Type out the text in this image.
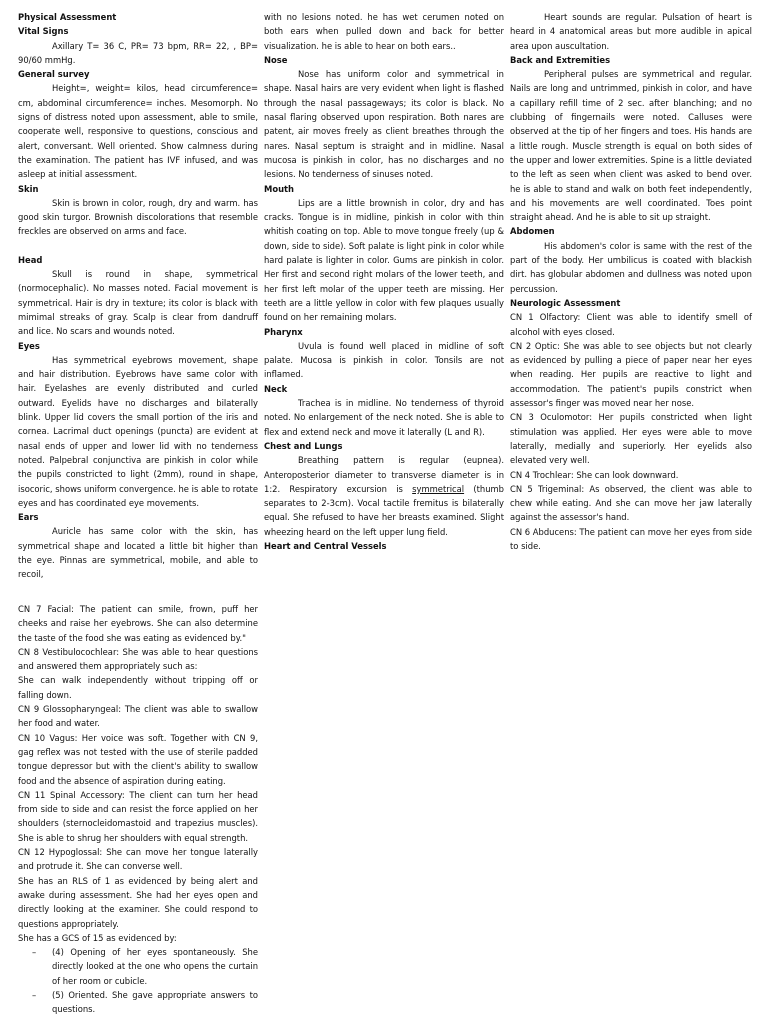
Physical Assessment

Vital Signs

Axillary T= 36 C, PR= 73 bpm, RR= 22, , BP= 90/60 mmHg.

General survey

Height=, weight= kilos, head circumference= cm, abdominal circumference= inches. Mesomorph. No signs of distress noted upon assessment, able to smile, cooperate well, responsive to questions, conscious and alert, conversant. Well oriented. Show calmness during the examination. The patient has IVF infused, and was asleep at initial assessment.

Skin

Skin is brown in color, rough, dry and warm. has good skin turgor. Brownish discolorations that resemble freckles are observed on arms and face.

Head

Skull is round in shape, symmetrical (normocephalic). No masses noted. Facial movement is symmetrical. Hair is dry in texture; its color is black with mimimal streaks of gray. Scalp is clear from dandruff and lice. No scars and wounds noted.

Eyes

Has symmetrical eyebrows movement, shape and hair distribution. Eyebrows have same color with hair. Eyelashes are evenly distributed and curled outward. Eyelids have no discharges and bilaterally blink. Upper lid covers the small portion of the iris and cornea. Lacrimal duct openings (puncta) are evident at nasal ends of upper and lower lid with no tenderness noted. Palpebral conjunctiva are pinkish in color while the pupils constricted to light (2mm), round in shape, isocoric, shows uniform convergence. he is able to rotate eyes and has coordinated eye movements.

Ears

Auricle has same color with the skin, has symmetrical shape and located a little bit higher than the eye. Pinnas are symmetrical, mobile, and able to recoil,

with no lesions noted. he has wet cerumen noted on both ears when pulled down and back for better visualization. he is able to hear on both ears..

Nose

Nose has uniform color and symmetrical in shape. Nasal hairs are very evident when light is flashed through the nasal passageways; its color is black. No nasal flaring observed upon respiration. Both nares are patent, air moves freely as client breathes through the nares. Nasal septum is straight and in midline. Nasal mucosa is pinkish in color, has no discharges and no lesions. No tenderness of sinuses noted.

Mouth

Lips are a little brownish in color, dry and has cracks. Tongue is in midline, pinkish in color with thin whitish coating on top. Able to move tongue freely (up & down, side to side). Soft palate is light pink in color while hard palate is lighter in color. Gums are pinkish in color. Her first and second right molars of the lower teeth, and her first left molar of the upper teeth are missing. Her teeth are a little yellow in color with few plaques usually found on her remaining molars.

Pharynx

Uvula is found well placed in midline of soft palate. Mucosa is pinkish in color. Tonsils are not inflamed.

Neck

Trachea is in midline. No tenderness of thyroid noted. No enlargement of the neck noted. She is able to flex and extend neck and move it laterally (L and R).

Chest and Lungs

Breathing pattern is regular (eupnea). Anteroposterior diameter to transverse diameter is in 1:2. Respiratory excursion is symmetrical (thumb separates to 2-3cm). Vocal tactile fremitus is bilaterally equal. She refused to have her breasts examined. Slight wheezing heard on the left upper lung field.

Heart and Central Vessels

Heart sounds are regular. Pulsation of heart is heard in 4 anatomical areas but more audible in apical area upon auscultation.

Back and Extremities

Peripheral pulses are symmetrical and regular. Nails are long and untrimmed, pinkish in color, and have a capillary refill time of 2 sec. after blanching; and no clubbing of fingernails were noted. Calluses were observed at the tip of her fingers and toes. His hands are a little rough. Muscle strength is equal on both sides of the upper and lower extremities. Spine is a little deviated to the left as seen when client was asked to bend over. he is able to stand and walk on both feet independently, and his movements are well coordinated. Toes point straight ahead. And he is able to sit up straight.

Abdomen

His abdomen's color is same with the rest of the part of the body. Her umbilicus is coated with blackish dirt. has globular abdomen and dullness was noted upon percussion.

Neurologic Assessment

CN 1 Olfactory: Client was able to identify smell of alcohol with eyes closed.

CN 2 Optic: She was able to see objects but not clearly as evidenced by pulling a piece of paper near her eyes when reading. Her pupils are reactive to light and accommodation. The patient's pupils constrict when assessor's finger was moved near her nose.

CN 3 Oculomotor: Her pupils constricted when light stimulation was applied. Her eyes were able to move laterally, medially and superiorly. Her eyelids also elevated very well.

CN 4 Trochlear: She can look downward.

CN 5 Trigeminal: As observed, the client was able to chew while eating. And she can move her jaw laterally against the assessor's hand.

CN 6 Abducens: The patient can move her eyes from side to side.

CN 7 Facial: The patient can smile, frown, puff her cheeks and raise her eyebrows. She can also determine the taste of the food she was eating as evidenced by."

CN 8 Vestibulocochlear: She was able to hear questions and answered them appropriately such as:

She can walk independently without tripping off or falling down.

CN 9 Glossopharyngeal: The client was able to swallow her food and water.

CN 10 Vagus: Her voice was soft. Together with CN 9, gag reflex was not tested with the use of sterile padded tongue depressor but with the client's ability to swallow food and the absence of aspiration during eating.

CN 11 Spinal Accessory: The client can turn her head from side to side and can resist the force applied on her shoulders (sternocleidomastoid and trapezius muscles). She is able to shrug her shoulders with equal strength.

CN 12 Hypoglossal: She can move her tongue laterally and protrude it. She can converse well.

She has an RLS of 1 as evidenced by being alert and awake during assessment. She had her eyes open and directly looking at the examiner. She could respond to questions appropriately.

She has a GCS of 15 as evidenced by:

– (4) Opening of her eyes spontaneously. She directly looked at the one who opens the curtain of her room or cubicle.
– (5) Oriented. She gave appropriate answers to questions.
